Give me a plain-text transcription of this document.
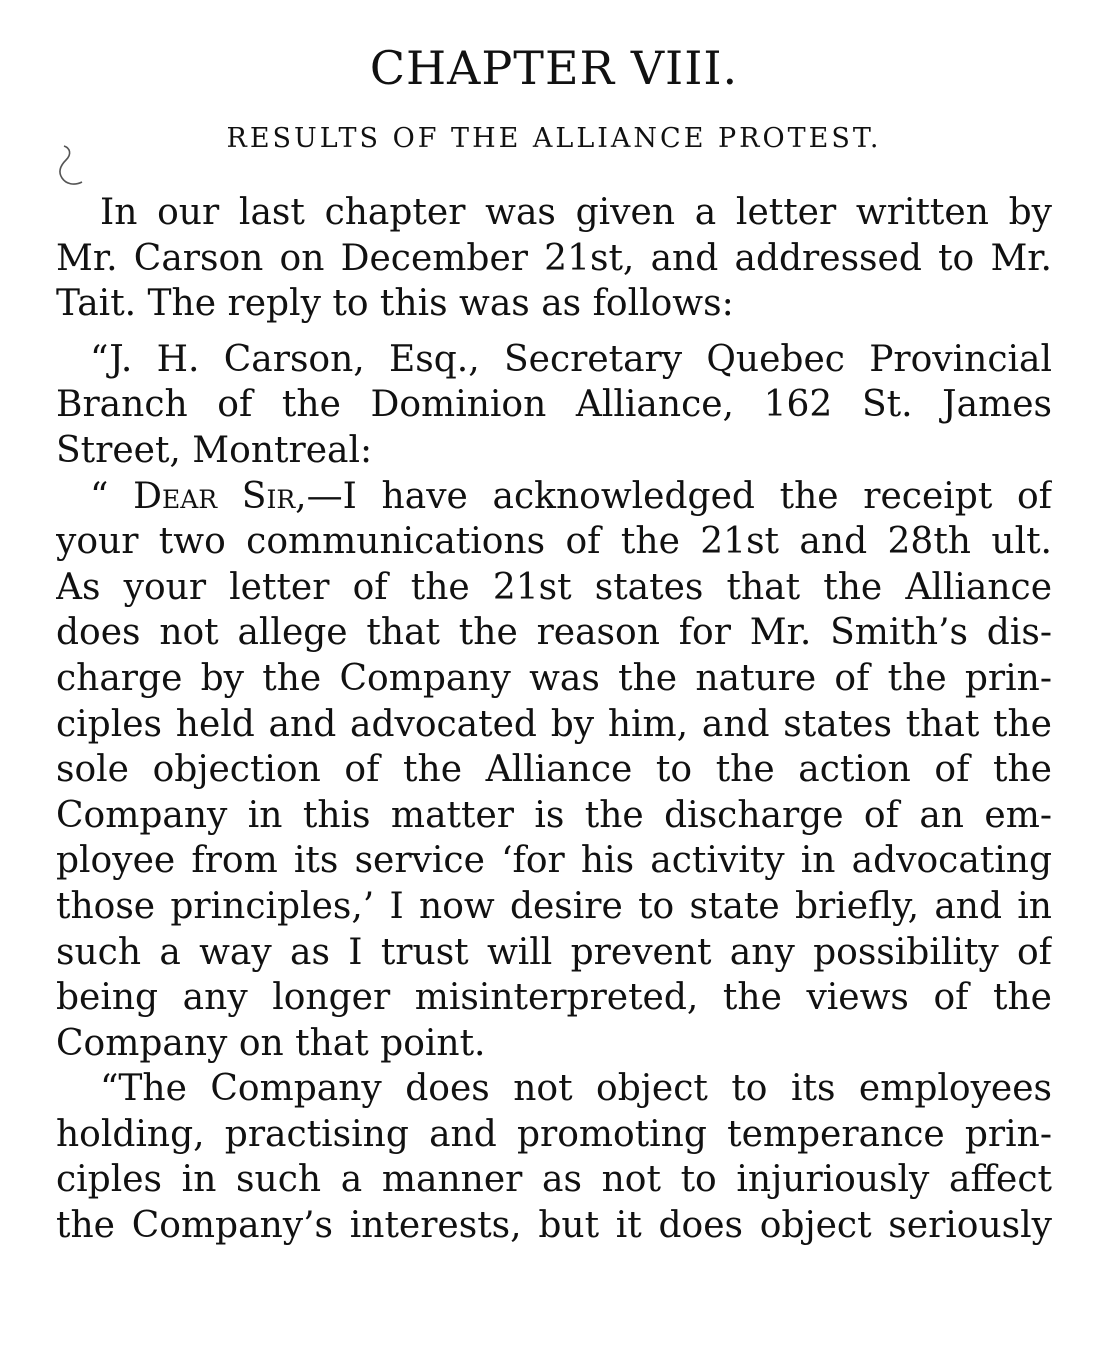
CHAPTER VIII.
RESULTS OF THE ALLIANCE PROTEST.
In our last chapter was given a letter written by
Mr. Carson on December 21st, and addressed to Mr.
Tait. The reply to this was as follows:
“J. H. Carson, Esq., Secretary Quebec Provincial
Branch of the Dominion Alliance, 162 St. James
Street, Montreal:
“ Dear Sir,—I have acknowledged the receipt of
your two communications of the 21st and 28th ult.
As your letter of the 21st states that the Alliance
does not allege that the reason for Mr. Smith’s dis-
charge by the Company was the nature of the prin-
ciples held and advocated by him, and states that the
sole objection of the Alliance to the action of the
Company in this matter is the discharge of an em-
ployee from its service ‘for his activity in advocating
those principles,’ I now desire to state briefly, and in
such a way as I trust will prevent any possibility of
being any longer misinterpreted, the views of the
Company on that point.
“The Company does not object to its employees
holding, practising and promoting temperance prin-
ciples in such a manner as not to injuriously affect
the Company’s interests, but it does object seriously
